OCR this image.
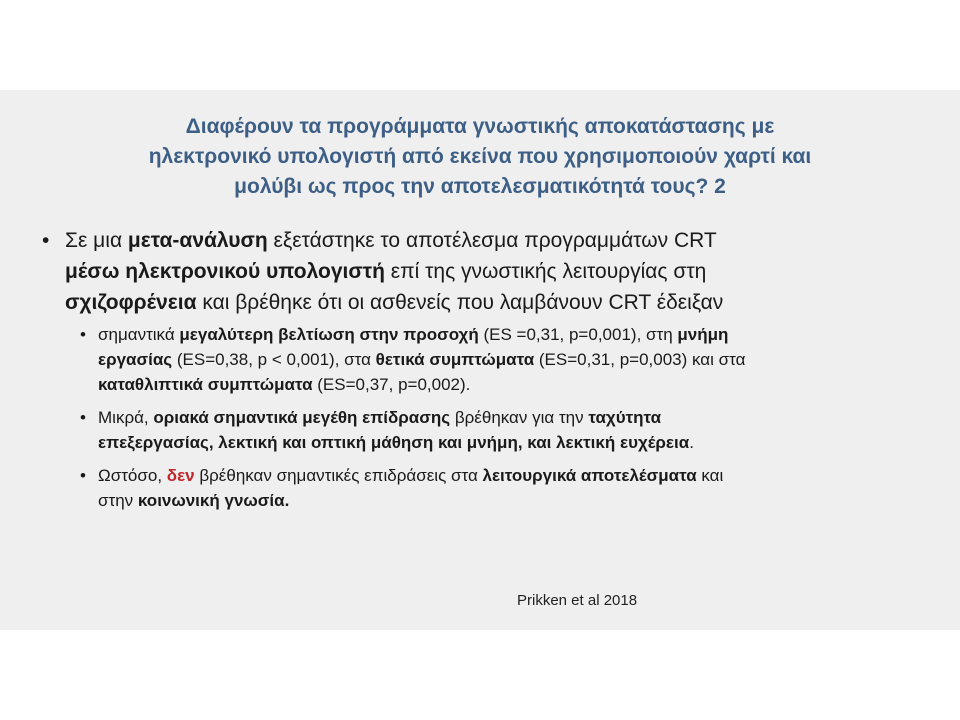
Διαφέρουν τα προγράμματα γνωστικής αποκατάστασης με
ηλεκτρονικό υπολογιστή από εκείνα που χρησιμοποιούν χαρτί και
μολύβι ως προς την αποτελεσματικότητά τους? 2
• Σε μια μετα-ανάλυση εξετάστηκε το αποτέλεσμα προγραμμάτων CRT
μέσω ηλεκτρονικού υπολογιστή επί της γνωστικής λειτουργίας στη
σχιζοφρένεια και βρέθηκε ότι οι ασθενείς που λαμβάνουν CRT έδειξαν
• σημαντικά μεγαλύτερη βελτίωση στην προσοχή (ES =0,31, p=0,001), στη μνήμη
εργασίας (ES=0,38, p < 0,001), στα θετικά συμπτώματα (ES=0,31, p=0,003) και στα
καταθλιπτικά συμπτώματα (ES=0,37, p=0,002).
• Μικρά, οριακά σημαντικά μεγέθη επίδρασης βρέθηκαν για την ταχύτητα
επεξεργασίας, λεκτική και οπτική μάθηση και μνήμη, και λεκτική ευχέρεια.
• Ωστόσο, δεν βρέθηκαν σημαντικές επιδράσεις στα λειτουργικά αποτελέσματα και
στην κοινωνική γνωσία.
Prikken et al 2018
